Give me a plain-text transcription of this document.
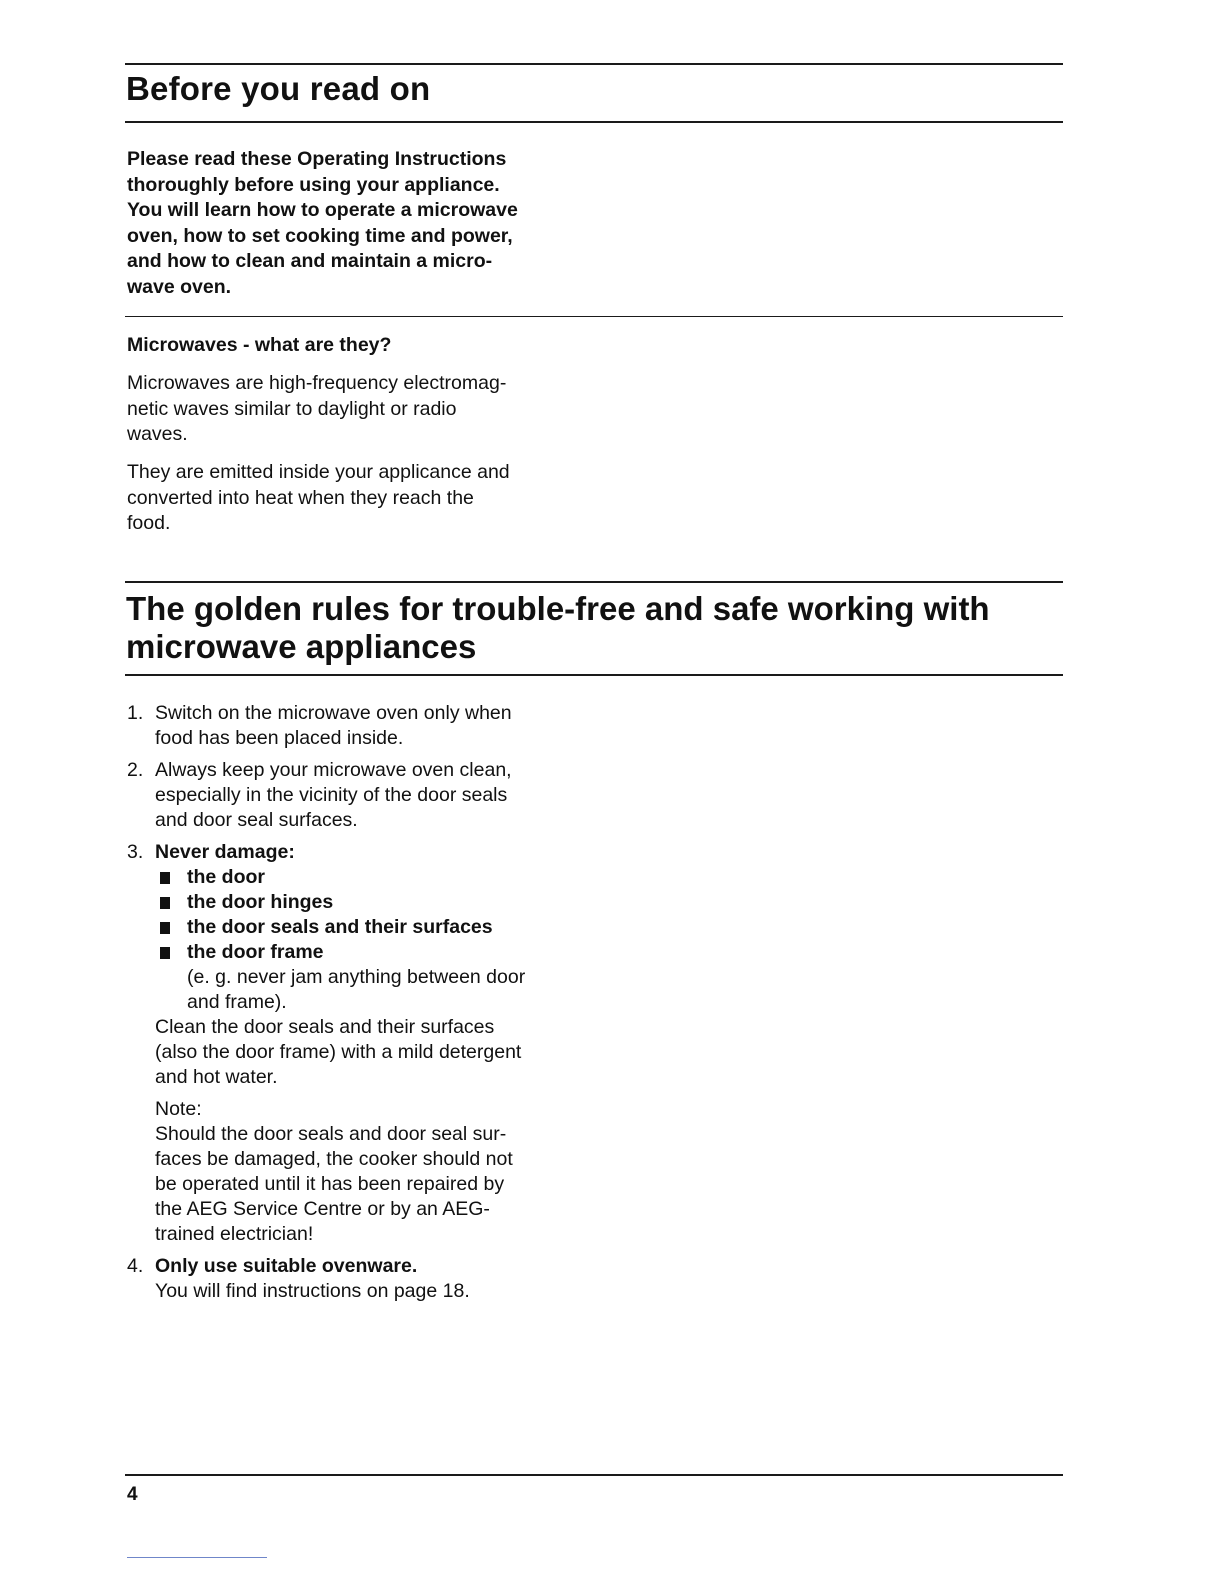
Before you read on
Please read these Operating Instructions
thoroughly before using your appliance.
You will learn how to operate a microwave
oven, how to set cooking time and power,
and how to clean and maintain a micro-
wave oven.
Microwaves - what are they?
Microwaves are high-frequency electromag-
netic waves similar to daylight or radio
waves.
They are emitted inside your applicance and
converted into heat when they reach the
food.
The golden rules for trouble-free and safe working with
microwave appliances
1. Switch on the microwave oven only when
food has been placed inside.
2. Always keep your microwave oven clean,
especially in the vicinity of the door seals
and door seal surfaces.
3. Never damage:
the door
the door hinges
the door seals and their surfaces
the door frame
(e. g. never jam anything between door
and frame).
Clean the door seals and their surfaces
(also the door frame) with a mild detergent
and hot water.
Note:
Should the door seals and door seal sur-
faces be damaged, the cooker should not
be operated until it has been repaired by
the AEG Service Centre or by an AEG-
trained electrician!
4. Only use suitable ovenware.
You will find instructions on page 18.
4
